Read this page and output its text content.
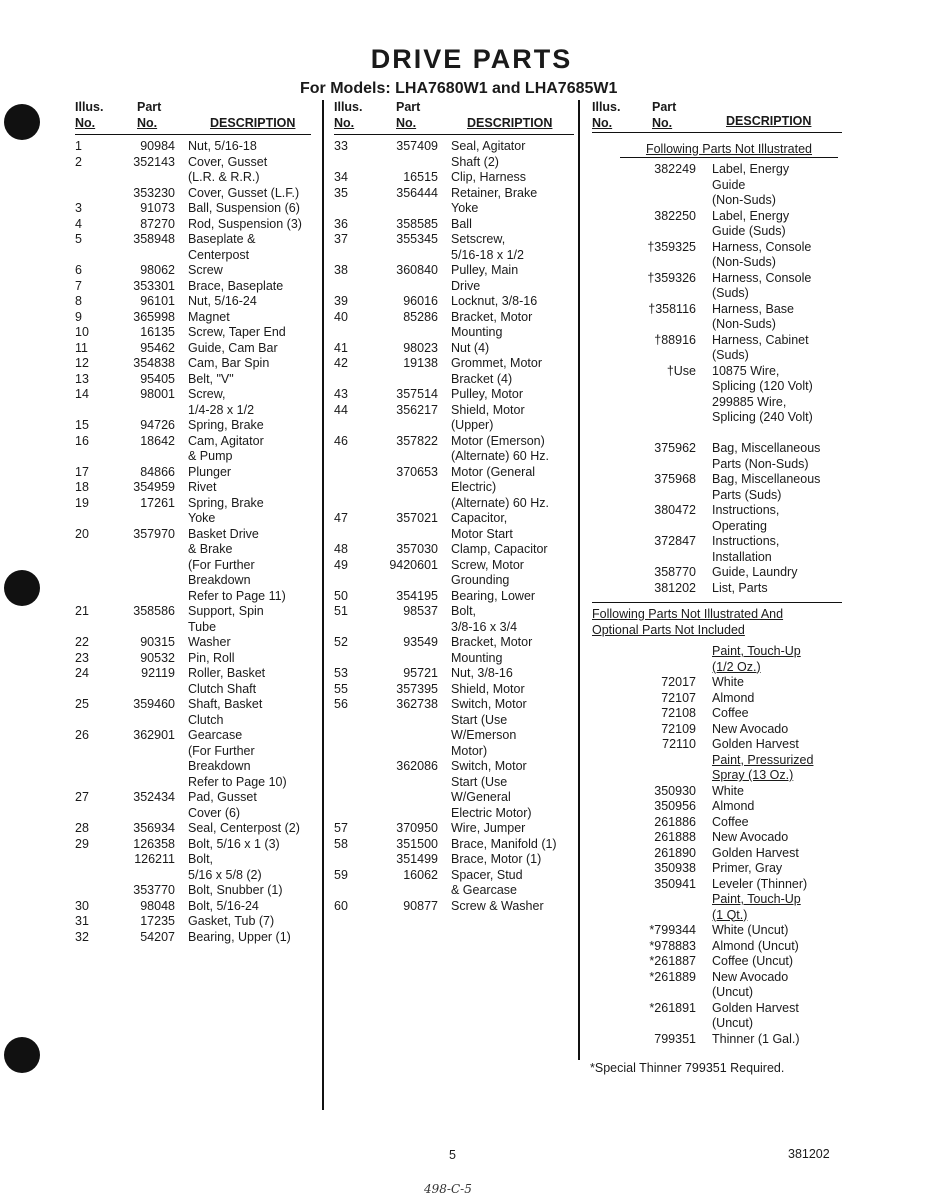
DRIVE PARTS
For Models: LHA7680W1 and LHA7685W1
Illus.
No.
Part
No.	DESCRIPTION
1	90984 Nut, 5/16-18
2	352143 Cover, Gusset
(L.R. & R.R.)
353230 Cover, Gusset (L.F.)
3	91073 Ball, Suspension (6)
4	87270 Rod, Suspension (3)
5	358948 Baseplate &
Centerpost
6	98062 Screw
7	353301 Brace, Baseplate
8	96101 Nut, 5/16-24
9	365998 Magnet
10	16135 Screw, Taper End
11	95462 Guide, Cam Bar
12	354838 Cam, Bar Spin
13	95405 Belt, "V"
14	98001 Screw,
1/4-28 x 1/2
15	94726 Spring, Brake
16	18642 Cam, Agitator
& Pump
17	84866 Plunger
18	354959 Rivet
19	17261 Spring, Brake
Yoke
20	357970 Basket Drive
& Brake
(For Further
Breakdown
Refer to Page 11)
21	358586 Support, Spin
Tube
22	90315 Washer
23	90532 Pin, Roll
24	92119 Roller, Basket
Clutch Shaft
25	359460 Shaft, Basket
Clutch
26	362901 Gearcase
(For Further
Breakdown
Refer to Page 10)
27	352434 Pad, Gusset
Cover (6)
28	356934 Seal, Centerpost (2)
29	126358 Bolt, 5/16 x 1 (3)
126211 Bolt,
5/16 x 5/8 (2)
353770 Bolt, Snubber (1)
30	98048 Bolt, 5/16-24
31	17235 Gasket, Tub (7)
32	54207 Bearing, Upper (1)
Illus.
No.
Part
No.	DESCRIPTION
33	357409 Seal, Agitator
Shaft (2)
34	16515 Clip, Harness
35	356444 Retainer, Brake
Yoke
36	358585 Ball
37	355345 Setscrew,
5/16-18 x 1/2
38	360840 Pulley, Main
Drive
39	96016 Locknut, 3/8-16
40	85286 Bracket, Motor
Mounting
41	98023 Nut (4)
42	19138 Grommet, Motor
Bracket (4)
43	357514 Pulley, Motor
44	356217 Shield, Motor
(Upper)
46	357822 Motor (Emerson)
(Alternate) 60 Hz.
370653 Motor (General
Electric)
(Alternate) 60 Hz.
47	357021 Capacitor,
Motor Start
48	357030 Clamp, Capacitor
49	9420601 Screw, Motor
Grounding
50	354195 Bearing, Lower
51	98537 Bolt,
3/8-16 x 3/4
52	93549 Bracket, Motor
Mounting
53	95721 Nut, 3/8-16
55	357395 Shield, Motor
56	362738 Switch, Motor
Start (Use
W/Emerson
Motor)
362086 Switch, Motor
Start (Use
W/General
Electric Motor)
57	370950 Wire, Jumper
58	351500 Brace, Manifold (1)
351499 Brace, Motor (1)
59	16062 Spacer, Stud
& Gearcase
60	90877 Screw & Washer
Illus.
No.
Part
No.	DESCRIPTION
Following Parts Not Illustrated
382249 Label, Energy
Guide
(Non-Suds)
382250 Label, Energy
Guide (Suds)
†359325 Harness, Console
(Non-Suds)
†359326 Harness, Console
(Suds)
†358116 Harness, Base
(Non-Suds)
†88916 Harness, Cabinet
(Suds)
†Use 10875 Wire,
Splicing (120 Volt)
299885 Wire,
Splicing (240 Volt)
375962 Bag, Miscellaneous
Parts (Non-Suds)
375968 Bag, Miscellaneous
Parts (Suds)
380472 Instructions,
Operating
372847 Instructions,
Installation
358770 Guide, Laundry
381202 List, Parts
Following Parts Not Illustrated And
Optional Parts Not Included
Paint, Touch-Up
(1/2 Oz.)
72017 White
72107 Almond
72108 Coffee
72109 New Avocado
72110 Golden Harvest
Paint, Pressurized
Spray (13 Oz.)
350930 White
350956 Almond
261886 Coffee
261888 New Avocado
261890 Golden Harvest
350938 Primer, Gray
350941 Leveler (Thinner)
Paint, Touch-Up
(1 Qt.)
*799344 White (Uncut)
*978883 Almond (Uncut)
*261887 Coffee (Uncut)
*261889 New Avocado
(Uncut)
*261891 Golden Harvest
(Uncut)
799351 Thinner (1 Gal.)
*Special Thinner 799351 Required.
5	381202
498-C-5
